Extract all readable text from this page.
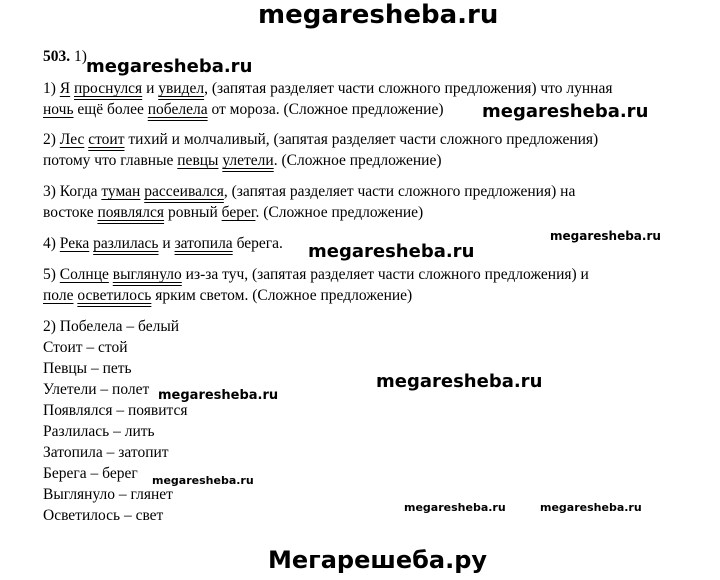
megaresheba.ru
503. 1) megaresheba.ru
1) Я проснулся и увидел, (запятая разделяет части сложного предложения) что лунная
ночь ещё более побелела от мороза. (Сложное предложение) megaresheba.ru
2) Лес стоит тихий и молчаливый, (запятая разделяет части сложного предложения)
потому что главные певцы улетели. (Сложное предложение)
3) Когда туман рассеивался, (запятая разделяет части сложного предложения) на
востоке появлялся ровный берег. (Сложное предложение)
4) Река разлилась и затопила берега. megaresheba.ru
megaresheba.ru
5) Солнце выглянуло из-за туч, (запятая разделяет части сложного предложения) и
поле осветилось ярким светом. (Сложное предложение)
2) Побелела – белый
Стоит – стой
Певцы – петь
Улетели – полет
Появлялся – появится
Разлилась – лить
Затопила – затопит
Берега – берег
Выглянуло – глянет
Осветилось – свет
megaresheba.ru
megaresheba.ru
megaresheba.ru
megaresheba.ru	megaresheba.ru
Мегарешеба.ру
